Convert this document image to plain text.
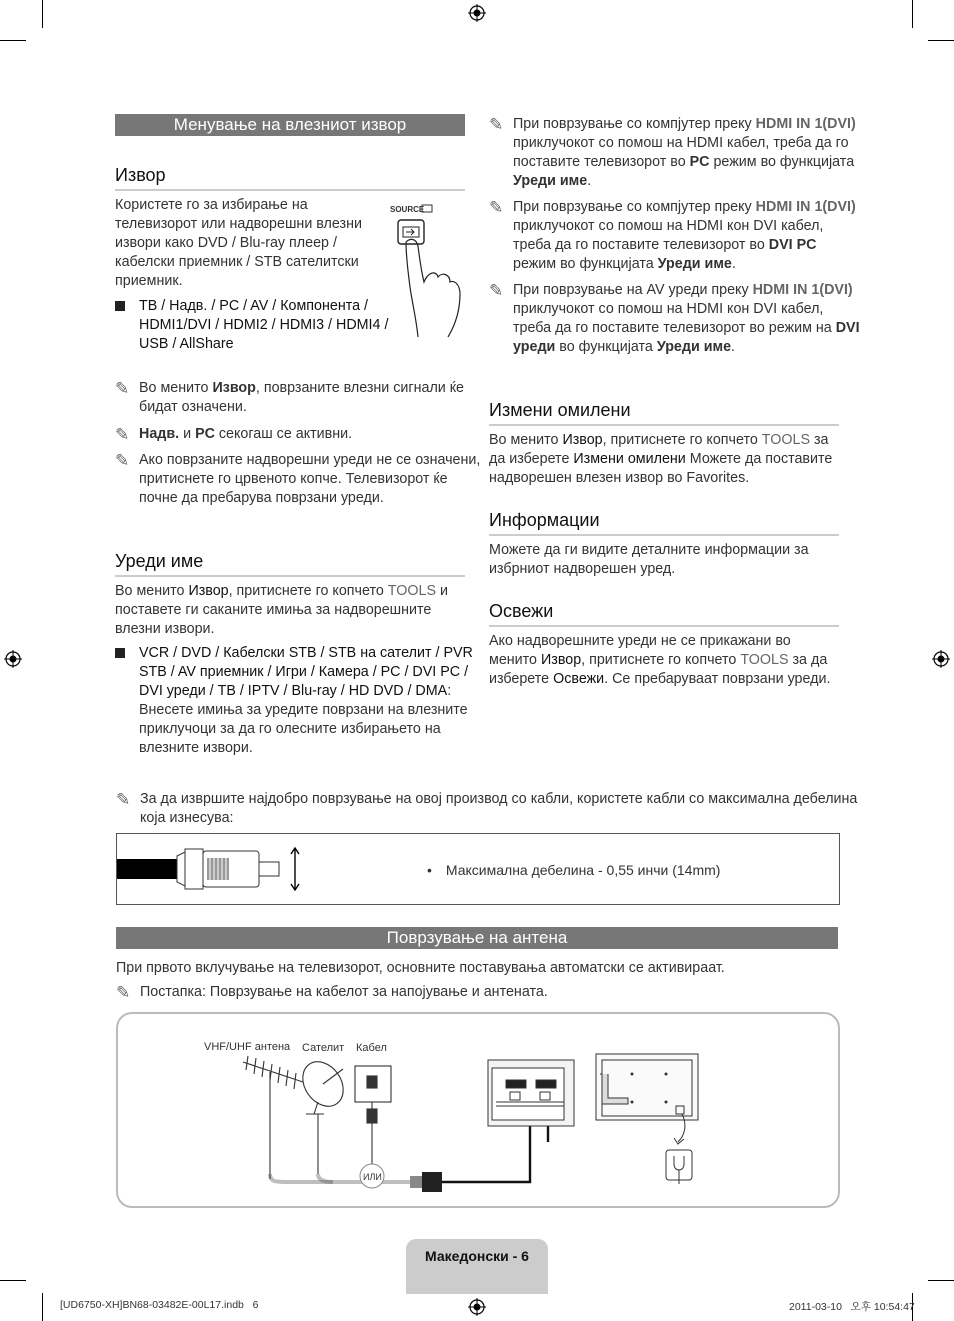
Менување на влезниот извор
Извор
Користете го за избирање на телевизорот или надворешни влезни извори како DVD / Blu-ray плеер / кабелски приемник / STB сателитски приемник.
SOURCE
TB / Надв. / PC / AV / Компонента / HDMI1/DVI / HDMI2 / HDMI3 / HDMI4 / USB / AllShare
✎ Во менито Извор, поврзаните влезни сигнали ќе бидат означени.
✎ Надв. и PC секогаш се активни.
✎ Ако поврзаните надворешни уреди не се означени, притиснете го црвеното копче. Телевизорот ќе почне да пребарува поврзани уреди.
Уреди име
Во менито Извор, притиснете го копчето TOOLS и поставете ги саканите имиња за надворешните влезни извори.
VCR / DVD / Кабелски STB / STB на сателит / PVR STB / AV приемник / Игри / Камера / PC / DVI PC / DVI уреди / TB / IPTV / Blu-ray / HD DVD / DMA: Внесете имиња за уредите поврзани на влезните приклучоци за да го олесните избирањето на влезните извори.
✎ При поврзување со компјутер преку HDMI IN 1(DVI) приклучокот со помош на HDMI кабел, треба да го поставите телевизорот во PC режим во функцијата Уреди име.
✎ При поврзување со компјутер преку HDMI IN 1(DVI) приклучокот со помош на HDMI кон DVI кабел, треба да го поставите телевизорот во DVI PC режим во функцијата Уреди име.
✎ При поврзување на AV уреди преку HDMI IN 1(DVI) приклучокот со помош на HDMI кон DVI кабел, треба да го поставите телевизорот во режим на DVI уреди во функцијата Уреди име.
Измени омилени
Во менито Извор, притиснете го копчето TOOLS за да изберете Измени омилени Можете да поставите надворешен влезен извор во Favorites.
Информации
Можете да ги видите деталните информации за избрниот надворешен уред.
Освежи
Ако надворешните уреди не се прикажани во менито Извор, притиснете го копчето TOOLS за да изберете Освежи. Се пребаруваат поврзани уреди.
✎ За да извршите најдобро поврзување на овој производ со кабли, користете кабли со максимална дебелина која изнесува:
• Максимална дебелина - 0,55 инчи (14mm)
Поврзување на антена
При првото вклучување на телевизорот, основните поставувања автоматски се активираат.
✎ Постапка: Поврзување на кабелот за напојување и антената.
VHF/UHF антена Сателит Кабел
ИЛИ
Македонски - 6
[UD6750-XH]BN68-03482E-00L17.indb   6	2011-03-10   오후 10:54:47
